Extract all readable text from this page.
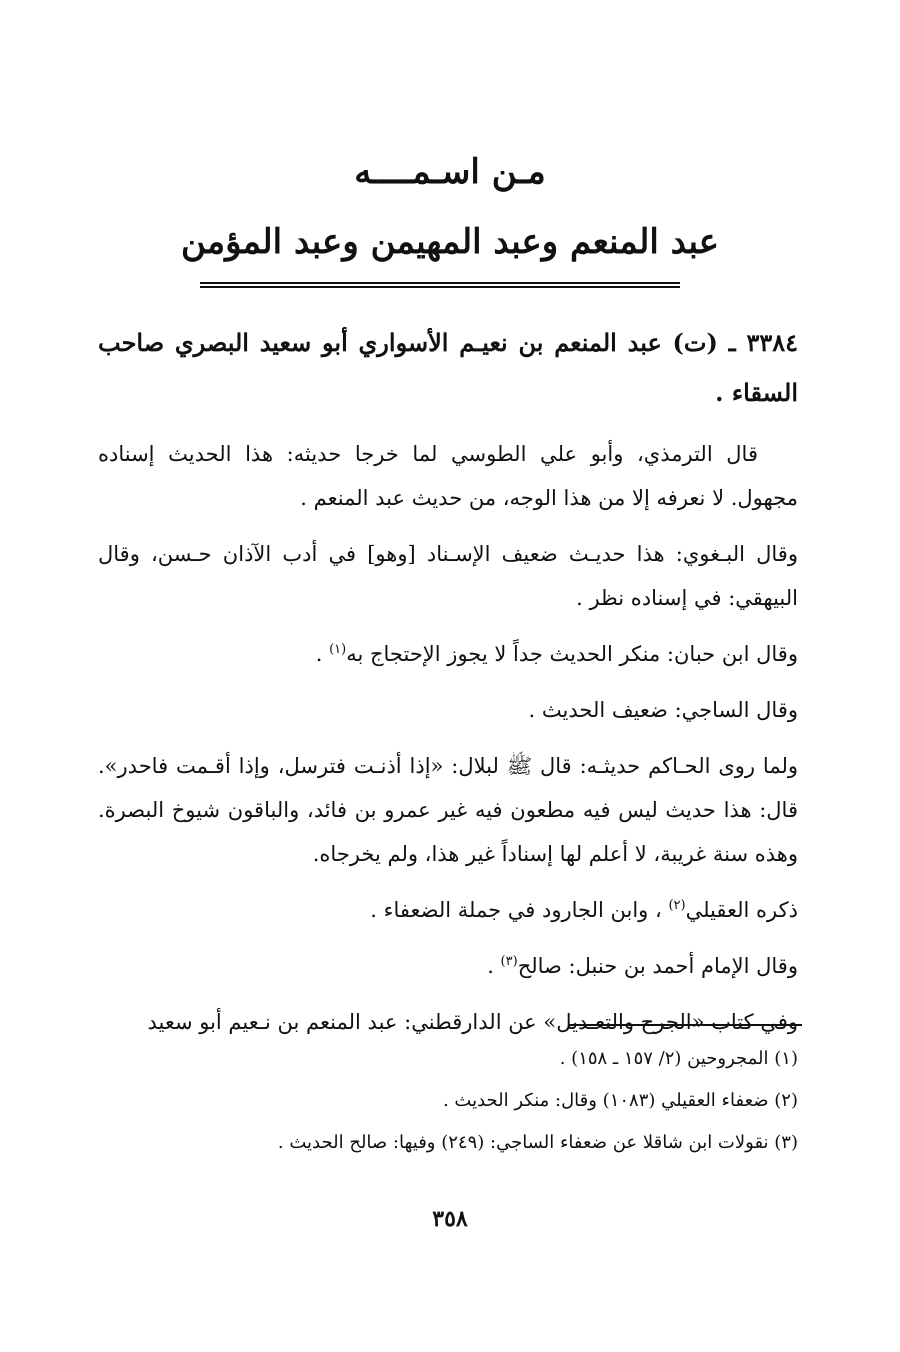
مـن اسـمــــه
عبد المنعم وعبد المهيمن وعبد المؤمن

٣٣٨٤ ـ (ت) عبد المنعم بن نعيـم الأسواري أبو سعيد البصري صاحب السقاء .

قال الترمذي، وأبو علي الطوسي لما خرجا حديثه: هذا الحديث إسناده مجهول. لا نعرفه إلا من هذا الوجه، من حديث عبد المنعم .

وقال البـغوي: هذا حديـث ضعيف الإسـناد [وهو] في أدب الآذان حـسن، وقال البيهقي: في إسناده نظر .

وقال ابن حبان: منكر الحديث جداً لا يجوز الإحتجاج به$^{(١)}$ .

وقال الساجي: ضعيف الحديث .

ولما روى الحـاكم حديثـه: قال ﷺ لبلال: «إذا أذنـت فترسل، وإذا أقـمت فاحدر». قال: هذا حديث ليس فيه مطعون فيه غير عمرو بن فائد، والباقون شيوخ البصرة. وهذه سنة غريبة، لا أعلم لها إسناداً غير هذا، ولم يخرجاه.

ذكره العقيلي$^{(٢)}$ ، وابن الجارود في جملة الضعفاء .

وقال الإمام أحمد بن حنبل: صالح$^{(٣)}$ .

وفي كتاب «الجرح والتعـديل» عن الدارقطني: عبد المنعم بن نـعيم أبو سعيد

(١) المجروحين (٢/ ١٥٧ ـ ١٥٨) .

(٢) ضعفاء العقيلي (١٠٨٣) وقال: منكر الحديث .

(٣) نقولات ابن شاقلا عن ضعفاء الساجي: (٢٤٩) وفيها: صالح الحديث .

٣٥٨
